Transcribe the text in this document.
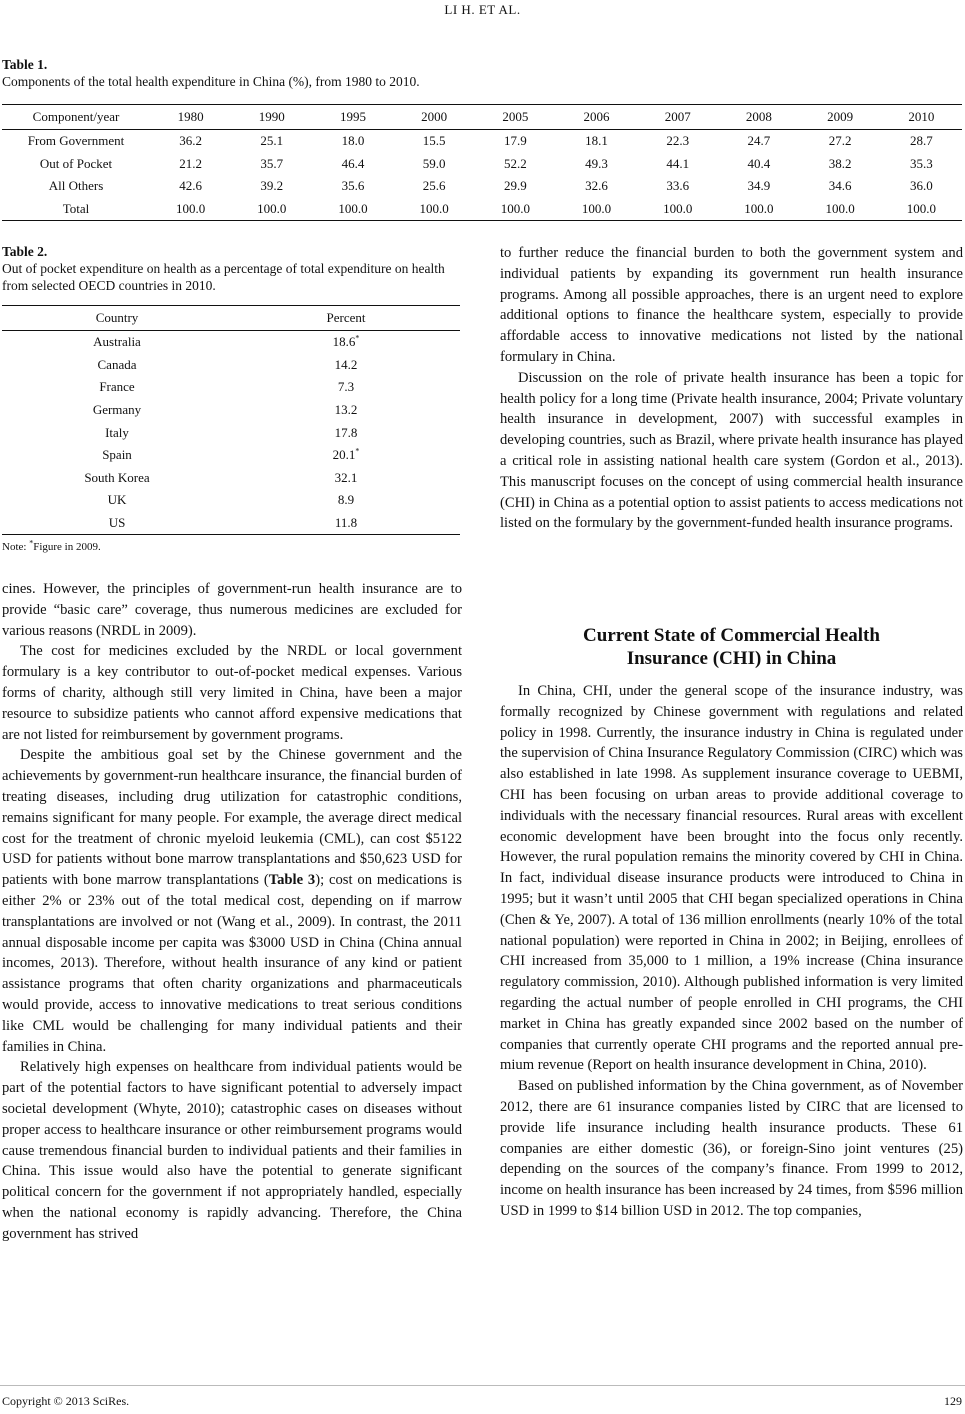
LI H. ET AL.
Table 1.
Components of the total health expenditure in China (%), from 1980 to 2010.
Component/year	1980	1990	1995	2000	2005	2006	2007	2008	2009	2010
From Government	36.2	25.1	18.0	15.5	17.9	18.1	22.3	24.7	27.2	28.7
Out of Pocket	21.2	35.7	46.4	59.0	52.2	49.3	44.1	40.4	38.2	35.3
All Others	42.6	39.2	35.6	25.6	29.9	32.6	33.6	34.9	34.6	36.0
Total	100.0	100.0	100.0	100.0	100.0	100.0	100.0	100.0	100.0	100.0
Table 2.
Out of pocket expenditure on health as a percentage of total expenditure on health from selected OECD countries in 2010.
Country	Percent
Australia	18.6*
Canada	14.2
France	7.3
Germany	13.2
Italy	17.8
Spain	20.1*
South Korea	32.1
UK	8.9
US	11.8
Note: *Figure in 2009.

cines. However, the principles of government-run health insurance are to provide “basic care” coverage, thus numerous medicines are excluded for various reasons (NRDL in 2009).

The cost for medicines excluded by the NRDL or local government formulary is a key contributor to out-of-pocket medical expenses. Various forms of charity, although still very limited in China, have been a major resource to subsidize patients who cannot afford expensive medications that are not listed for reimbursement by government programs.

Despite the ambitious goal set by the Chinese government and the achievements by government-run healthcare insurance, the financial burden of treating diseases, including drug utilization for catastrophic conditions, remains significant for many people. For example, the average direct medical cost for the treatment of chronic myeloid leukemia (CML), can cost $5122 USD for patients without bone marrow transplantations and $50,623 USD for patients with bone marrow transplantations (Table 3); cost on medications is either 2% or 23% out of the total medical cost, depending on if marrow transplantations are involved or not (Wang et al., 2009). In contrast, the 2011 annual disposable income per capita was $3000 USD in China (China annual incomes, 2013). Therefore, without health insurance of any kind or patient assistance programs that often charity organizations and pharmaceuticals would provide, access to innovative medications to treat serious conditions like CML would be challenging for many individual patients and their families in China.

Relatively high expenses on healthcare from individual patients would be part of the potential factors to have significant potential to adversely impact societal development (Whyte, 2010); catastrophic cases on diseases without proper access to healthcare insurance or other reimbursement programs would cause tremendous financial burden to individual patients and their families in China. This issue would also have the potential to generate significant political concern for the government if not appropriately handled, especially when the national economy is rapidly advancing. Therefore, the China government has strived

to further reduce the financial burden to both the government system and individual patients by expanding its government run health insurance programs. Among all possible approaches, there is an urgent need to explore additional options to finance the healthcare system, especially to provide affordable access to innovative medications not listed by the national formulary in China.

Discussion on the role of private health insurance has been a topic for health policy for a long time (Private health insurance, 2004; Private voluntary health insurance in development, 2007) with successful examples in developing countries, such as Brazil, where private health insurance has played a critical role in assisting national health care system (Gordon et al., 2013). This manuscript focuses on the concept of using commercial health insurance (CHI) in China as a potential option to assist patients to access medications not listed on the formulary by the government-funded health insurance programs.

Current State of Commercial Health
Insurance (CHI) in China

In China, CHI, under the general scope of the insurance industry, was formally recognized by Chinese government with regulations and related policy in 1998. Currently, the insurance industry in China is regulated under the supervision of China Insurance Regulatory Commission (CIRC) which was also established in late 1998. As supplement insurance coverage to UEBMI, CHI has been focusing on urban areas to provide additional coverage to individuals with the necessary financial resources. Rural areas with excellent economic development have been brought into the focus only recently. However, the rural population remains the minority covered by CHI in China. In fact, individual disease insurance products were introduced to China in 1995; but it wasn’t until 2005 that CHI began specialized operations in China (Chen & Ye, 2007). A total of 136 million enrollments (nearly 10% of the total national population) were reported in China in 2002; in Beijing, enrollees of CHI increased from 35,000 to 1 million, a 19% increase (China insurance regulatory commission, 2010). Although published information is very limited regarding the actual number of people enrolled in CHI programs, the CHI market in China has greatly expanded since 2002 based on the number of companies that currently operate CHI programs and the reported annual premium revenue (Report on health insurance development in China, 2010).

Based on published information by the China government, as of November 2012, there are 61 insurance companies listed by CIRC that are licensed to provide life insurance including health insurance products. These 61 companies are either domestic (36), or foreign-Sino joint ventures (25) depending on the sources of the company’s finance. From 1999 to 2012, income on health insurance has been increased by 24 times, from $596 million USD in 1999 to $14 billion USD in 2012. The top companies,

Copyright © 2013 SciRes.	129
